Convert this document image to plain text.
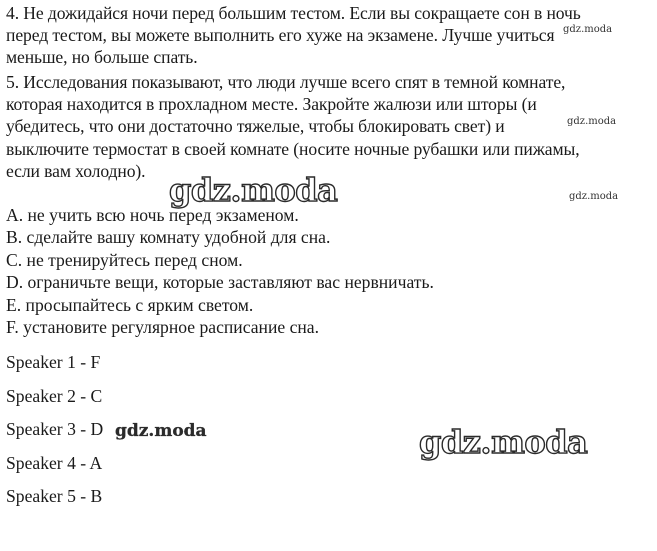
4. Не дожидайся ночи перед большим тестом. Если вы сокращаете сон в ночь
перед тестом, вы можете выполнить его хуже на экзамене. Лучше учиться
меньше, но больше спать.
5. Исследования показывают, что люди лучше всего спят в темной комнате,
которая находится в прохладном месте. Закройте жалюзи или шторы (и
убедитесь, что они достаточно тяжелые, чтобы блокировать свет) и
выключите термостат в своей комнате (носите ночные рубашки или пижамы,
если вам холодно).
A. не учить всю ночь перед экзаменом.
B. сделайте вашу комнату удобной для сна.
C. не тренируйтесь перед сном.
D. ограничьте вещи, которые заставляют вас нервничать.
E. просыпайтесь с ярким светом.
F. установите регулярное расписание сна.
Speaker 1 - F
Speaker 2 - C
Speaker 3 - D
Speaker 4 - A
Speaker 5 - B
gdz.moda
gdz.moda
gdz.moda	gdz.moda
gdz.moda	gdz.moda
